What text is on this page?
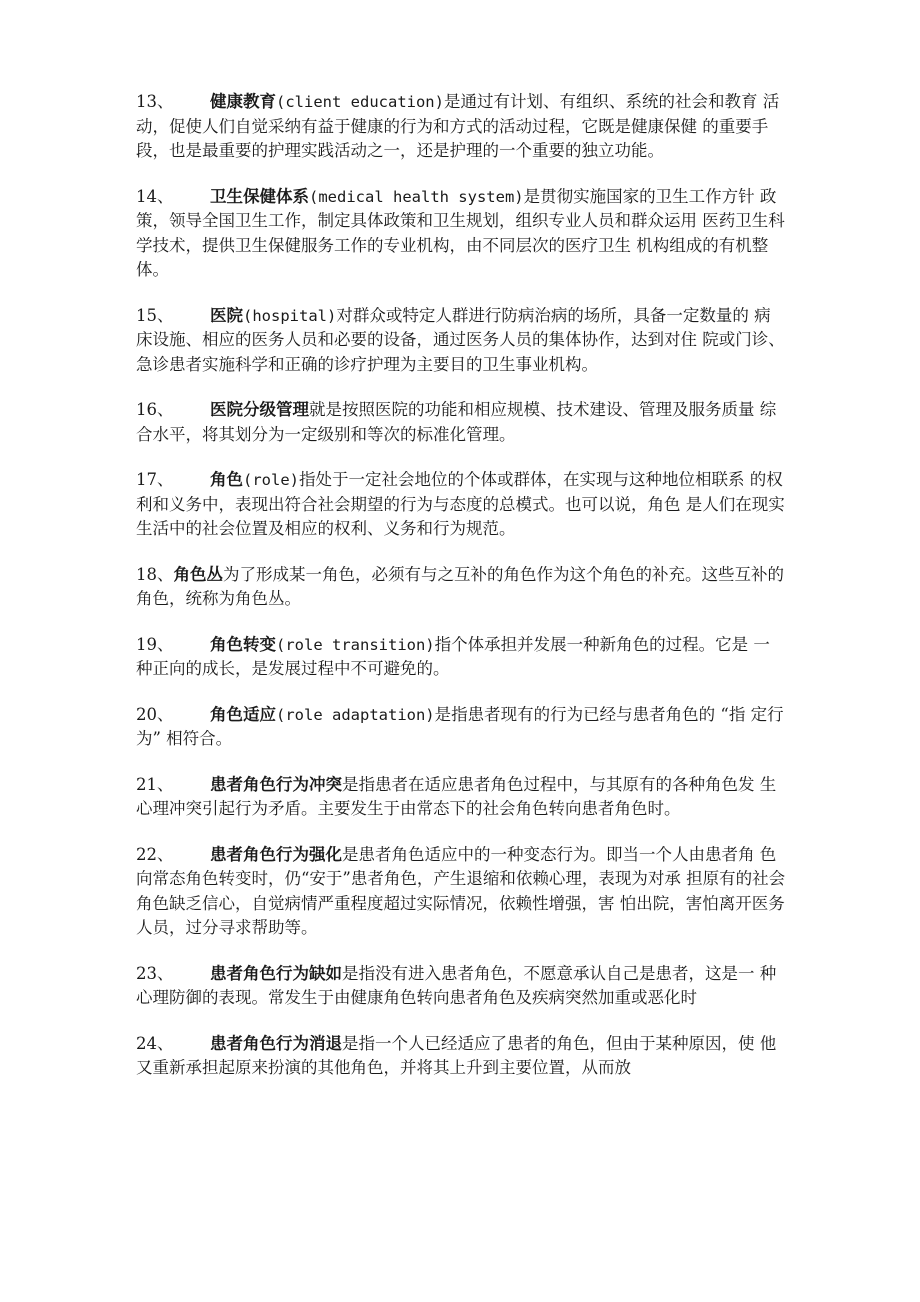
13、 健康教育(client education)是通过有计划、有组织、系统的社会和教育 活动，促使人们自觉采纳有益于健康的行为和方式的活动过程，它既是健康保健 的重要手段，也是最重要的护理实践活动之一，还是护理的一个重要的独立功能。

14、 卫生保健体系(medical health system)是贯彻实施国家的卫生工作方针 政策，领导全国卫生工作，制定具体政策和卫生规划，组织专业人员和群众运用 医药卫生科学技术，提供卫生保健服务工作的专业机构，由不同层次的医疗卫生 机构组成的有机整体。

15、 医院(hospital)对群众或特定人群进行防病治病的场所，具备一定数量的 病床设施、相应的医务人员和必要的设备，通过医务人员的集体协作，达到对住 院或门诊、急诊患者实施科学和正确的诊疗护理为主要目的卫生事业机构。

16、 医院分级管理就是按照医院的功能和相应规模、技术建设、管理及服务质量 综合水平，将其划分为一定级别和等次的标准化管理。

17、 角色(role)指处于一定社会地位的个体或群体，在实现与这种地位相联系 的权利和义务中，表现出符合社会期望的行为与态度的总模式。也可以说，角色 是人们在现实生活中的社会位置及相应的权利、义务和行为规范。

18、角色丛为了形成某一角色，必须有与之互补的角色作为这个角色的补充。这些互补的角色，统称为角色丛。

19、 角色转变(role transition)指个体承担并发展一种新角色的过程。它是 一种正向的成长，是发展过程中不可避免的。

20、 角色适应(role adaptation)是指患者现有的行为已经与患者角色的 “指 定行为” 相符合。

21、 患者角色行为冲突是指患者在适应患者角色过程中，与其原有的各种角色发 生心理冲突引起行为矛盾。主要发生于由常态下的社会角色转向患者角色时。

22、 患者角色行为强化是患者角色适应中的一种变态行为。即当一个人由患者角 色向常态角色转变时，仍“安于”患者角色，产生退缩和依赖心理，表现为对承 担原有的社会角色缺乏信心，自觉病情严重程度超过实际情况，依赖性增强，害 怕出院，害怕离开医务人员，过分寻求帮助等。

23、 患者角色行为缺如是指没有进入患者角色，不愿意承认自己是患者，这是一 种心理防御的表现。常发生于由健康角色转向患者角色及疾病突然加重或恶化时

24、 患者角色行为消退是指一个人已经适应了患者的角色，但由于某种原因，使 他又重新承担起原来扮演的其他角色，并将其上升到主要位置，从而放
